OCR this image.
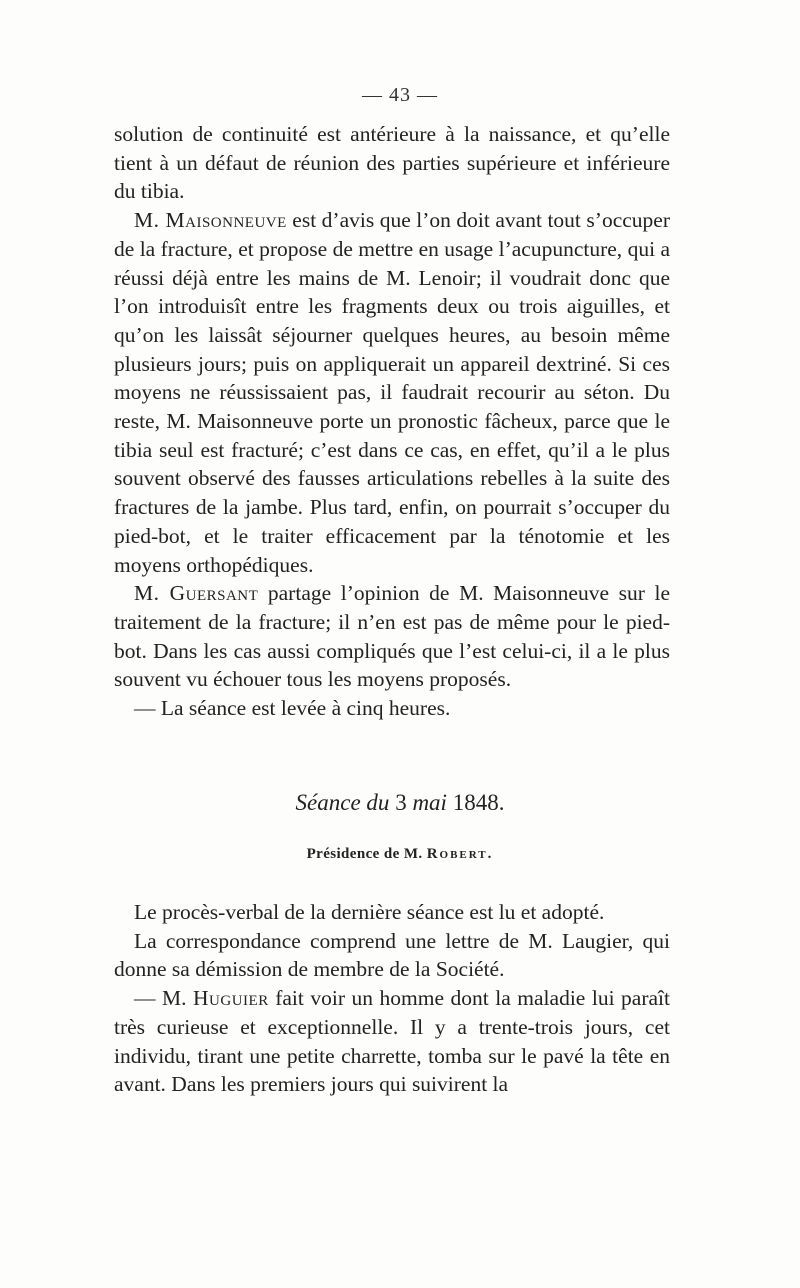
— 43 —

solution de continuité est antérieure à la naissance, et qu’elle tient à un défaut de réunion des parties supérieure et inférieure du tibia.

M. Maisonneuve est d’avis que l’on doit avant tout s’occuper de la fracture, et propose de mettre en usage l’acupuncture, qui a réussi déjà entre les mains de M. Lenoir; il voudrait donc que l’on introduisît entre les fragments deux ou trois aiguilles, et qu’on les laissât séjourner quelques heures, au besoin même plusieurs jours; puis on appliquerait un appareil dextriné. Si ces moyens ne réussissaient pas, il faudrait recourir au séton. Du reste, M. Maisonneuve porte un pronostic fâcheux, parce que le tibia seul est fracturé; c’est dans ce cas, en effet, qu’il a le plus souvent observé des fausses articulations rebelles à la suite des fractures de la jambe. Plus tard, enfin, on pourrait s’occuper du pied-bot, et le traiter efficacement par la ténotomie et les moyens orthopédiques.

M. Guersant partage l’opinion de M. Maisonneuve sur le traitement de la fracture; il n’en est pas de même pour le pied-bot. Dans les cas aussi compliqués que l’est celui-ci, il a le plus souvent vu échouer tous les moyens proposés.

— La séance est levée à cinq heures.

Séance du 3 mai 1848.
Présidence de M. Robert.

Le procès-verbal de la dernière séance est lu et adopté.

La correspondance comprend une lettre de M. Laugier, qui donne sa démission de membre de la Société.

— M. Huguier fait voir un homme dont la maladie lui paraît très curieuse et exceptionnelle. Il y a trente-trois jours, cet individu, tirant une petite charrette, tomba sur le pavé la tête en avant. Dans les premiers jours qui suivirent la
